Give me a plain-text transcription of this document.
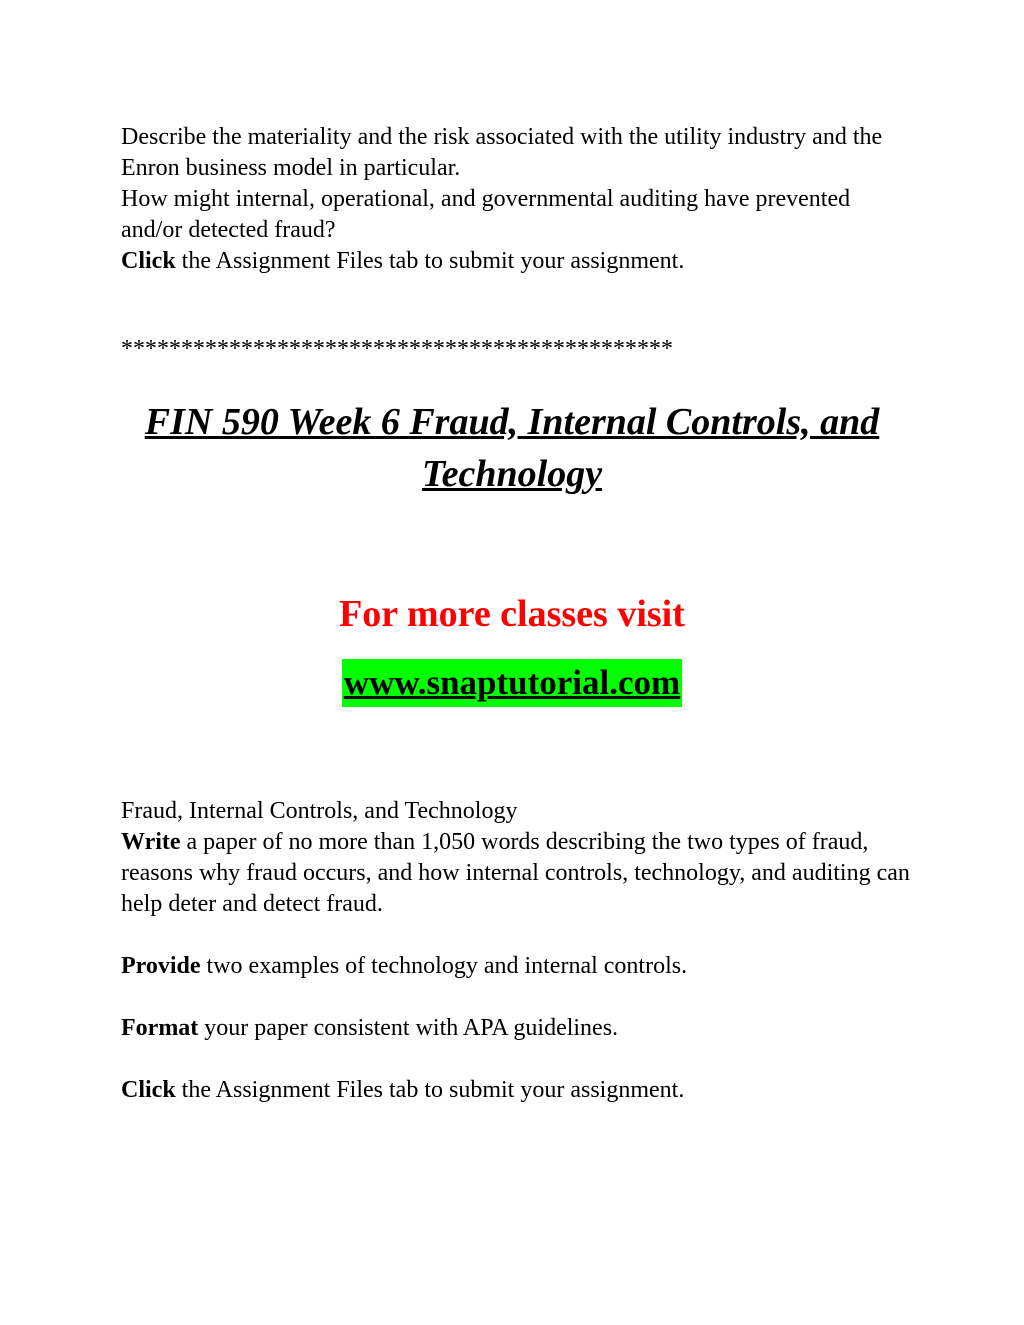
Describe the materiality and the risk associated with the utility industry and the Enron business model in particular.

How might internal, operational, and governmental auditing have prevented and/or detected fraud?

Click the Assignment Files tab to submit your assignment.

**********************************************
FIN 590 Week 6 Fraud, Internal Controls, and Technology
For more classes visit
www.snaptutorial.com

Fraud, Internal Controls, and Technology

Write a paper of no more than 1,050 words describing the two types of fraud, reasons why fraud occurs, and how internal controls, technology, and auditing can help deter and detect fraud.

Provide two examples of technology and internal controls.

Format your paper consistent with APA guidelines.

Click the Assignment Files tab to submit your assignment.
